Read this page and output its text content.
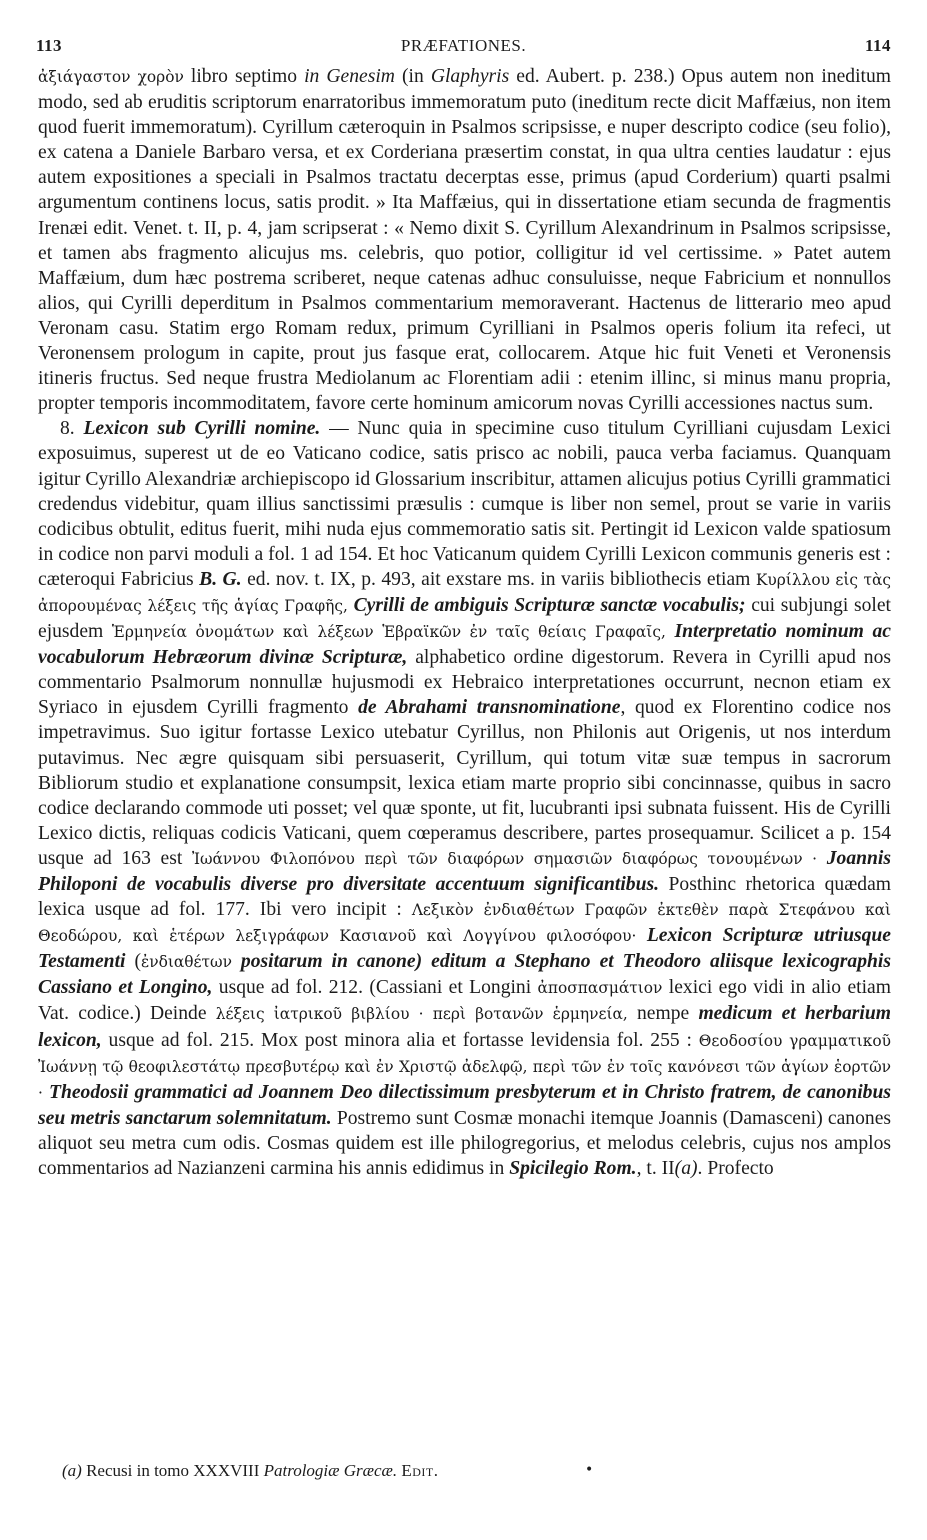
113	PRÆFATIONES.	114

ἀξιάγαστον χορὸν libro septimo in Genesim (in Glaphyris ed. Aubert. p. 238.) Opus autem non ineditum modo, sed ab eruditis scriptorum enarratoribus immemoratum puto (ineditum recte dicit Maffæius, non item quod fuerit immemoratum). Cyrillum cæteroquin in Psalmos scripsisse, e nuper descripto codice (seu folio), ex catena a Daniele Barbaro versa, et ex Corderiana præsertim constat, in qua ultra centies laudatur : ejus autem expositiones a speciali in Psalmos tractatu decerptas esse, primus (apud Corderium) quarti psalmi argumentum continens locus, satis prodit. » Ita Maffæius, qui in dissertatione etiam secunda de fragmentis Irenæi edit. Venet. t. II, p. 4, jam scripserat : « Nemo dixit S. Cyrillum Alexandrinum in Psalmos scripsisse, et tamen abs fragmento alicujus ms. celebris, quo potior, colligitur id vel certissime. » Patet autem Maffæium, dum hæc postrema scriberet, neque catenas adhuc consuluisse, neque Fabricium et nonnullos alios, qui Cyrilli deperditum in Psalmos commentarium memoraverant. Hactenus de litterario meo apud Veronam casu. Statim ergo Romam redux, primum Cyrilliani in Psalmos operis folium ita refeci, ut Veronensem prologum in capite, prout jus fasque erat, collocarem. Atque hic fuit Veneti et Veronensis itineris fructus. Sed neque frustra Mediolanum ac Florentiam adii : etenim illinc, si minus manu propria, propter temporis incommoditatem, favore certe hominum amicorum novas Cyrilli accessiones nactus sum.

8. Lexicon sub Cyrilli nomine. — Nunc quia in specimine cuso titulum Cyrilliani cujusdam Lexici exposuimus, superest ut de eo Vaticano codice, satis prisco ac nobili, pauca verba faciamus. Quanquam igitur Cyrillo Alexandriæ archiepiscopo id Glossarium inscribitur, attamen alicujus potius Cyrilli grammatici credendus videbitur, quam illius sanctissimi præsulis : cumque is liber non semel, prout se varie in variis codicibus obtulit, editus fuerit, mihi nuda ejus commemoratio satis sit. Pertingit id Lexicon valde spatiosum in codice non parvi moduli a fol. 1 ad 154. Et hoc Vaticanum quidem Cyrilli Lexicon communis generis est : cæteroqui Fabricius B. G. ed. nov. t. IX, p. 493, ait exstare ms. in variis bibliothecis etiam Κυρίλλου εἰς τὰς ἀπορουμένας λέξεις τῆς ἁγίας Γραφῆς, Cyrilli de ambiguis Scripturæ sanctæ vocabulis; cui subjungi solet ejusdem Ἑρμηνεία ὀνομάτων καὶ λέξεων Ἑβραϊκῶν ἐν ταῖς θείαις Γραφαῖς, Interpretatio nominum ac vocabulorum Hebræorum divinæ Scripturæ, alphabetico ordine digestorum. Revera in Cyrilli apud nos commentario Psalmorum nonnullæ hujusmodi ex Hebraico interpretationes occurrunt, necnon etiam ex Syriaco in ejusdem Cyrilli fragmento de Abrahami transnominatione, quod ex Florentino codice nos impetravimus. Suo igitur fortasse Lexico utebatur Cyrillus, non Philonis aut Origenis, ut nos interdum putavimus. Nec ægre quisquam sibi persuaserit, Cyrillum, qui totum vitæ suæ tempus in sacrorum Bibliorum studio et explanatione consumpsit, lexica etiam marte proprio sibi concinnasse, quibus in sacro codice declarando commode uti posset; vel quæ sponte, ut fit, lucubranti ipsi subnata fuissent. His de Cyrilli Lexico dictis, reliquas codicis Vaticani, quem cœperamus describere, partes prosequamur. Scilicet a p. 154 usque ad 163 est Ἰωάννου Φιλοπόνου περὶ τῶν διαφόρων σημασιῶν διαφόρως τονουμένων · Joannis Philoponi de vocabulis diverse pro diversitate accentuum significantibus. Posthinc rhetorica quædam lexica usque ad fol. 177. Ibi vero incipit : Λεξικὸν ἐνδιαθέτων Γραφῶν ἐκτεθὲν παρὰ Στεφάνου καὶ Θεοδώρου, καὶ ἑτέρων λεξιγράφων Κασιανοῦ καὶ Λογγίνου φιλοσόφου· Lexicon Scripturæ utriusque Testamenti (ἐνδιαθέτων positarum in canone) editum a Stephano et Theodoro aliisque lexicographis Cassiano et Longino, usque ad fol. 212. (Cassiani et Longini ἀποσπασμάτιον lexici ego vidi in alio etiam Vat. codice.) Deinde λέξεις ἰατρικοῦ βιβλίου · περὶ βοτανῶν ἑρμηνεία, nempe medicum et herbarium lexicon, usque ad fol. 215. Mox post minora alia et fortasse levidensia fol. 255 : Θεοδοσίου γραμματικοῦ Ἰωάννῃ τῷ θεοφιλεστάτῳ πρεσβυτέρῳ καὶ ἐν Χριστῷ ἀδελφῷ, περὶ τῶν ἐν τοῖς κανόνεσι τῶν ἁγίων ἑορτῶν · Theodosii grammatici ad Joannem Deo dilectissimum presbyterum et in Christo fratrem, de canonibus seu metris sanctarum solemnitatum. Postremo sunt Cosmæ monachi itemque Joannis (Damasceni) canones aliquot seu metra cum odis. Cosmas quidem est ille philogregorius, et melodus celebris, cujus nos amplos commentarios ad Nazianzeni carmina his annis edidimus in Spicilegio Rom., t. II(a). Profecto

(a) Recusi in tomo XXXVIII Patrologiæ Græcæ. Edit.	•
